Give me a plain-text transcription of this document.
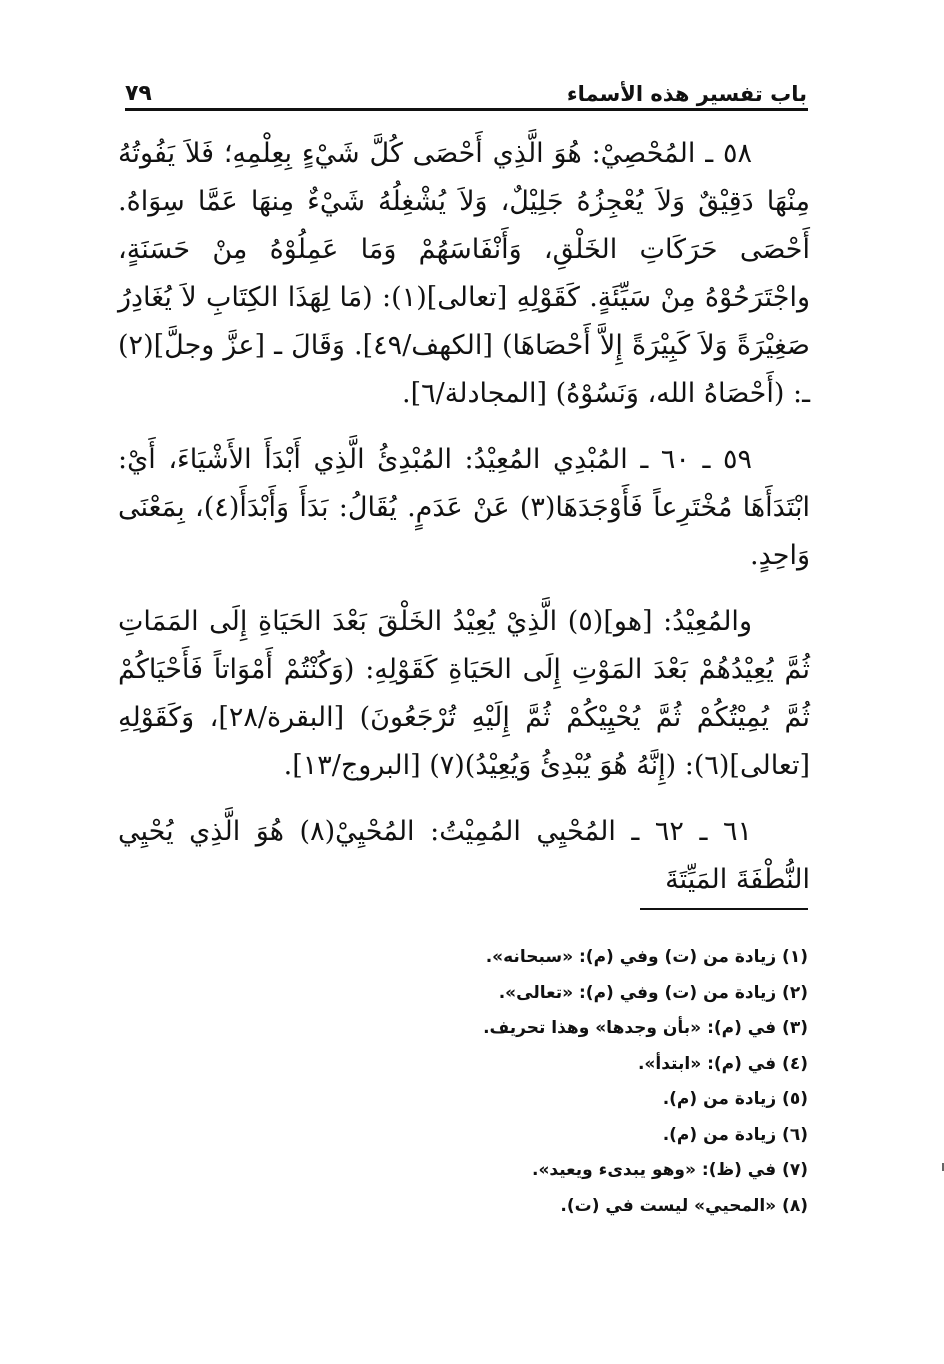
باب تفسير هذه الأسماء
٧٩

٥٨ ـ المُحْصِيْ: هُوَ الَّذِي أَحْصَى كُلَّ شَيْءٍ بِعِلْمِهِ؛ فَلاَ يَفُوتُهُ مِنْهَا دَقِيْقٌ وَلاَ يُعْجِزُهُ جَلِيْلٌ، وَلاَ يُشْغِلُهُ شَيْءٌ مِنهَا عَمَّا سِوَاهُ. أَحْصَى حَرَكَاتِ الخَلْقِ، وَأَنْفَاسَهُمْ وَمَا عَمِلُوْهُ مِنْ حَسَنَةٍ، واجْتَرَحُوْهُ مِنْ سَيِّئَةٍ. كَقَوْلِهِ [تعالى](١): (مَا لِهَذَا الكِتَابِ لاَ يُغَادِرُ صَغِيْرَةً وَلاَ كَبِيْرَةً إِلاَّ أَحْصَاهَا) [الكهف/٤٩]. وَقَالَ ـ [عزَّ وجلَّ](٢) ـ: (أَحْصَاهُ الله، وَنَسُوْهُ) [المجادلة/٦].

٥٩ ـ ٦٠ ـ المُبْدِي المُعِيْدُ: المُبْدِئُ الَّذِي أَبْدَأَ الأَشْيَاءَ، أَيْ: ابْتَدَأَهَا مُخْتَرِعاً فَأَوْجَدَهَا(٣) عَنْ عَدَمٍ. يُقَالُ: بَدَأَ وَأَبْدَأَ(٤)، بِمَعْنَى وَاحِدٍ.

والمُعِيْدُ: [هو](٥) الَّذِيْ يُعِيْدُ الخَلْقَ بَعْدَ الحَيَاةِ إِلَى المَمَاتِ ثُمَّ يُعِيْدُهُمْ بَعْدَ المَوْتِ إِلَى الحَيَاةِ كَقَوْلِهِ: (وَكُنْتُمْ أَمْوَاتاً فَأَحْيَاكُمْ ثُمَّ يُمِيْتُكُمْ ثُمَّ يُحْيِيْكُمْ ثُمَّ إِلَيْهِ تُرْجَعُونَ) [البقرة/٢٨]، وَكَقَوْلِهِ [تعالى](٦): (إِنَّهُ هُوَ يُبْدِئُ وَيُعِيْدُ)(٧) [البروج/١٣].

٦١ ـ ٦٢ ـ المُحْيِي المُمِيْتُ: المُحْيِيْ(٨) هُوَ الَّذِي يُحْيِي النُّطْفَةَ المَيِّتَةَ

(١) زيادة من (ت) وفي (م): «سبحانه».
(٢) زيادة من (ت) وفي (م): «تعالى».
(٣) في (م): «بأن وجدها» وهذا تحريف.
(٤) في (م): «ابتدأ».
(٥) زيادة من (م).
(٦) زيادة من (م).
(٧) في (ظ): «وهو يبدىء ويعيد».
(٨) «المحيي» ليست في (ت).
